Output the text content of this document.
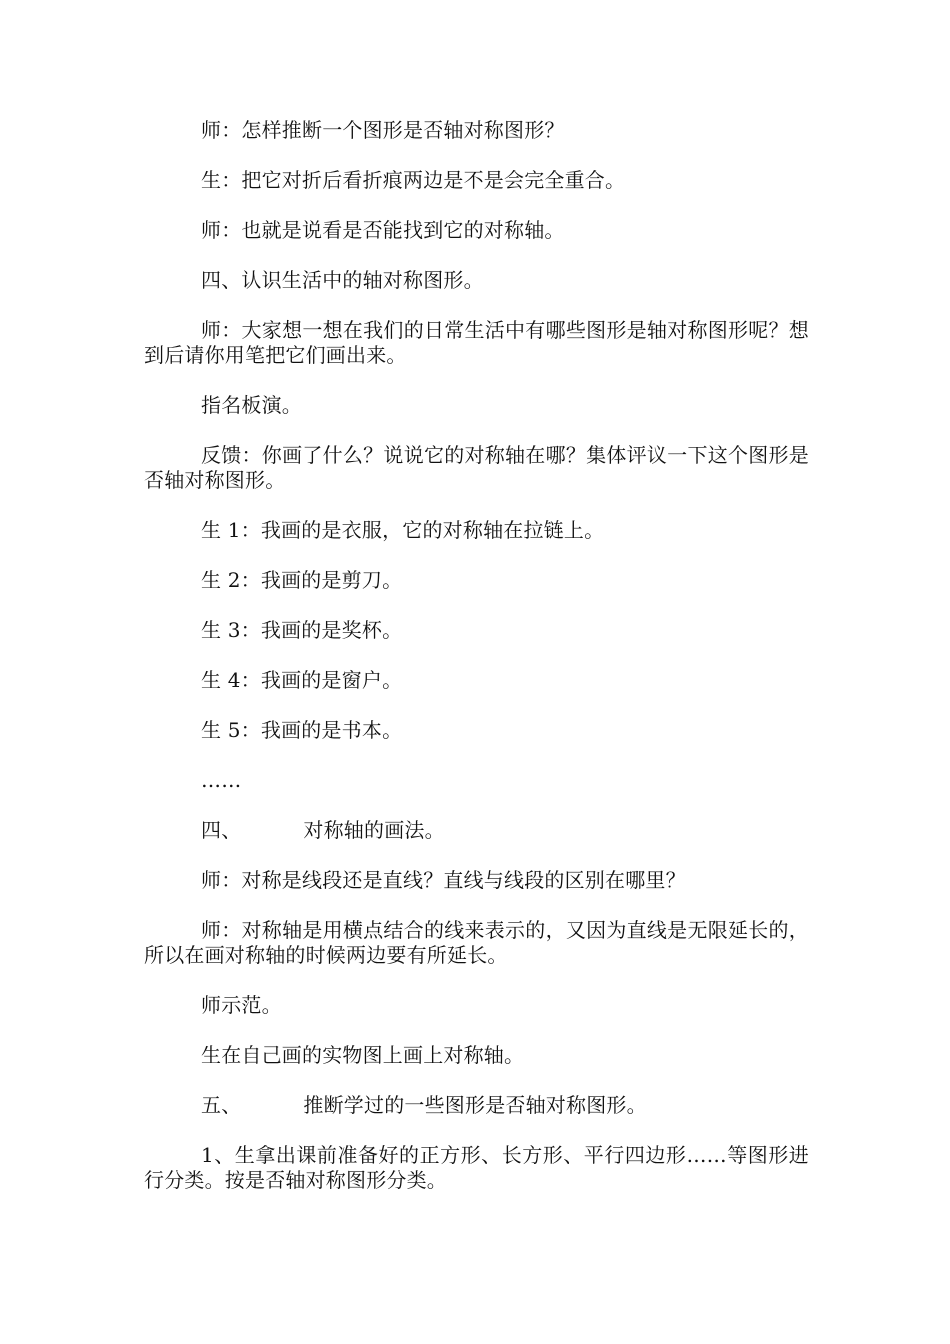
师：怎样推断一个图形是否轴对称图形？

生：把它对折后看折痕两边是不是会完全重合。

师：也就是说看是否能找到它的对称轴。

四、认识生活中的轴对称图形。

师：大家想一想在我们的日常生活中有哪些图形是轴对称图形呢？想到后请你用笔把它们画出来。

指名板演。

反馈：你画了什么？说说它的对称轴在哪？集体评议一下这个图形是否轴对称图形。

生 1：我画的是衣服，它的对称轴在拉链上。

生 2：我画的是剪刀。

生 3：我画的是奖杯。

生 4：我画的是窗户。

生 5：我画的是书本。

……

四、	对称轴的画法。

师：对称是线段还是直线？直线与线段的区别在哪里？

师：对称轴是用横点结合的线来表示的，又因为直线是无限延长的，所以在画对称轴的时候两边要有所延长。

师示范。

生在自己画的实物图上画上对称轴。

五、	推断学过的一些图形是否轴对称图形。

1、生拿出课前准备好的正方形、长方形、平行四边形……等图形进行分类。按是否轴对称图形分类。
